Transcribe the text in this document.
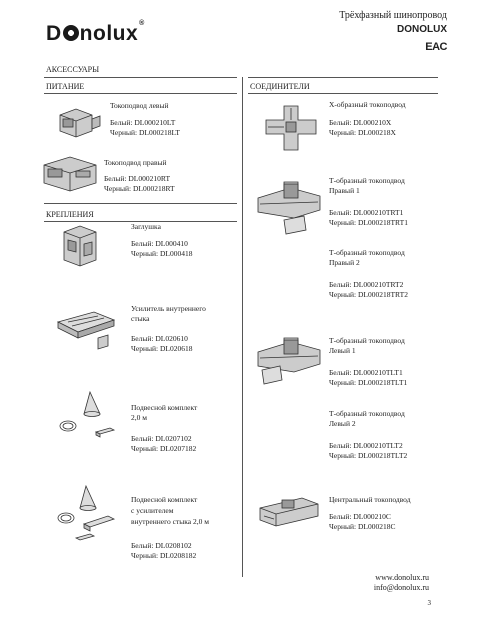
D nolux®
Трёхфазный шинопровод
DONOLUX
EAC
АКСЕССУАРЫ
ПИТАНИЕ	СОЕДИНИТЕЛИ
КРЕПЛЕНИЯ
Токоподвод левый
Белый: DL000210LT
Черный: DL000218LT
Токоподвод правый
Белый: DL000210RT
Черный: DL000218RT
Заглушка
Белый: DL000410
Черный: DL000418
Усилитель внутреннего
стыка
Белый: DL020610
Черный: DL020618
Подвесной комплект
2,0 м
Белый: DL0207102
Черный: DL0207182
Подвесной комплект
с усилителем
внутреннего стыка 2,0 м
Белый: DL0208102
Черный: DL0208182
Х-образный токоподвод
Белый: DL000210X
Черный: DL000218X
Т-образный токоподвод
Правый 1
Белый: DL000210TRT1
Черный: DL000218TRT1
Т-образный токоподвод
Правый 2
Белый: DL000210TRT2
Черный: DL000218TRT2
Т-образный токоподвод
Левый 1
Белый: DL000210TLT1
Черный: DL000218TLT1
Т-образный токоподвод
Левый 2
Белый: DL000210TLT2
Черный: DL000218TLT2
Центральный токоподвод
Белый: DL000210C
Черный: DL000218C
www.donolux.ru
info@donolux.ru
3
